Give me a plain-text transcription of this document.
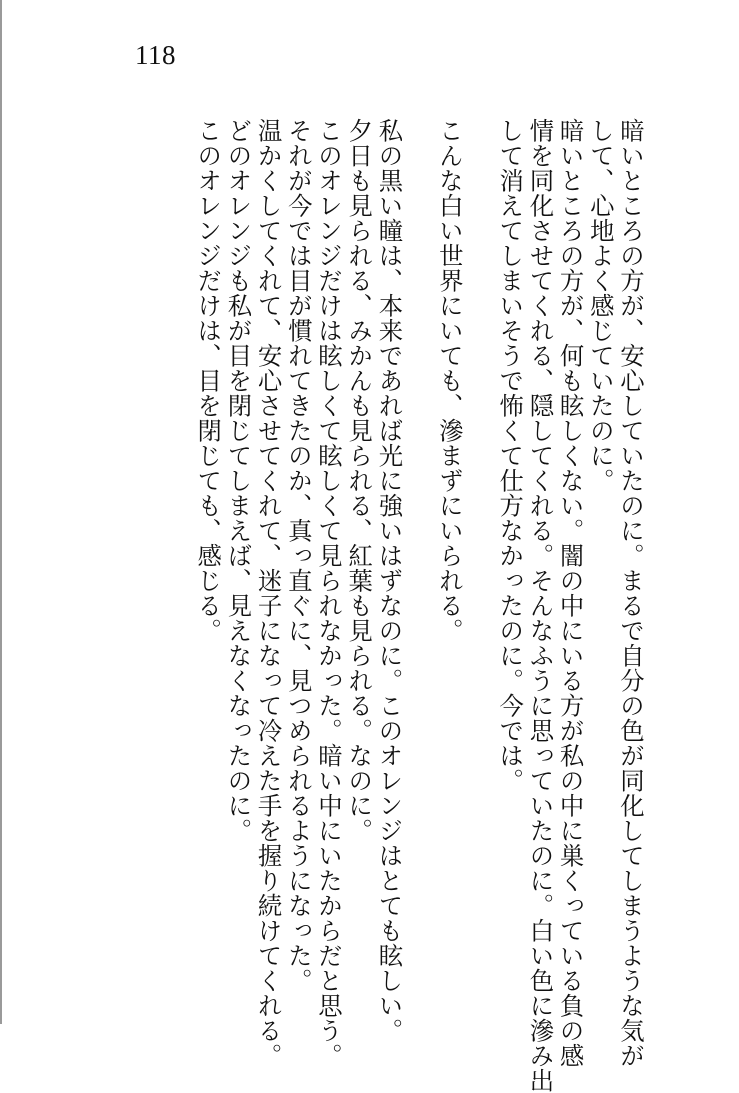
118
暗いところの方が、安心していたのに。まるで自分の色が同化してしまうような気が
して、心地よく感じていたのに。
暗いところの方が、何も眩しくない。闇の中にいる方が私の中に巣くっている負の感
情を同化させてくれる、隠してくれる。そんなふうに思っていたのに。白い色に滲み出
して消えてしまいそうで怖くて仕方なかったのに。今では。
こんな白い世界にいても、滲まずにいられる。
私の黒い瞳は、本来であれば光に強いはずなのに。このオレンジはとても眩しい。
夕日も見られる、みかんも見られる、紅葉も見られる。なのに。
このオレンジだけは眩しくて眩しくて見られなかった。暗い中にいたからだと思う。
それが今では目が慣れてきたのか、真っ直ぐに、見つめられるようになった。
温かくしてくれて、安心させてくれて、迷子になって冷えた手を握り続けてくれる。
どのオレンジも私が目を閉じてしまえば、見えなくなったのに。
このオレンジだけは、目を閉じても、感じる。
